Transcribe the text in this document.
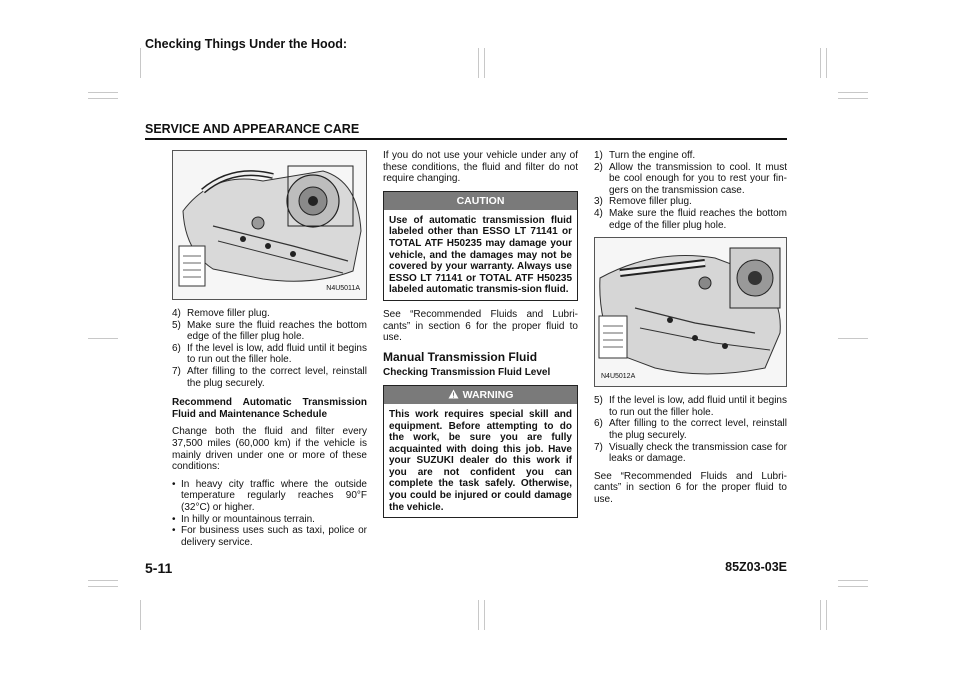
Checking Things Under the Hood:
SERVICE AND APPEARANCE CARE
N4U5011A
4) Remove filler plug.
5) Make sure the fluid reaches the bottom edge of the filler plug hole.
6) If the level is low, add fluid until it begins to run out the filler hole.
7) After filling to the correct level, reinstall the plug securely.

Recommend Automatic Transmission Fluid and Maintenance Schedule

Change both the fluid and filter every 37,500 miles (60,000 km) if the vehicle is mainly driven under one or more of these conditions:

• In heavy city traffic where the outside temperature regularly reaches 90°F (32°C) or higher.
• In hilly or mountainous terrain.
• For business uses such as taxi, police or delivery service.

If you do not use your vehicle under any of these conditions, the fluid and filter do not require changing.

CAUTION
Use of automatic transmission fluid labeled other than ESSO LT 71141 or TOTAL ATF H50235 may damage your vehicle, and the damages may not be covered by your warranty. Always use ESSO LT 71141 or TOTAL ATF H50235 labeled automatic transmis-sion fluid.

See “Recommended Fluids and Lubri-cants” in section 6 for the proper fluid to use.

Manual Transmission Fluid
Checking Transmission Fluid Level
WARNING
This work requires special skill and equipment. Before attempting to do the work, be sure you are fully acquainted with doing this job. Have your SUZUKI dealer do this work if you are not confident you can complete the task safely. Otherwise, you could be injured or could damage the vehicle.
1) Turn the engine off.
2) Allow the transmission to cool. It must be cool enough for you to rest your fin-gers on the transmission case.
3) Remove filler plug.
4) Make sure the fluid reaches the bottom edge of the filler plug hole.
N4U5012A
5) If the level is low, add fluid until it begins to run out the filler hole.
6) After filling to the correct level, reinstall the plug securely.
7) Visually check the transmission case for leaks or damage.

See “Recommended Fluids and Lubri-cants” in section 6 for the proper fluid to use.

5-11	85Z03-03E
